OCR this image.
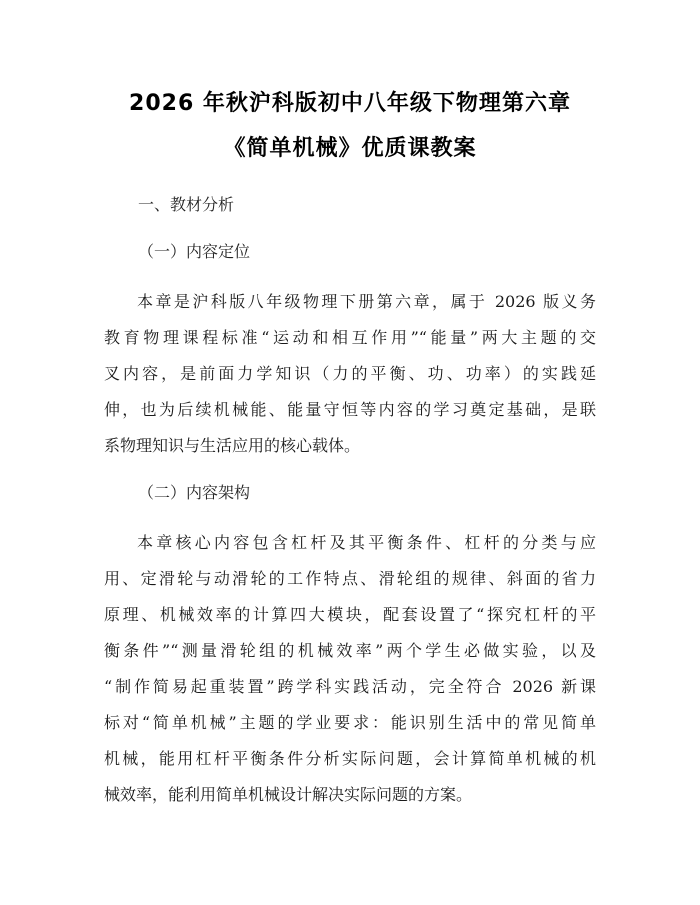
2026 年秋沪科版初中八年级下物理第六章
《简单机械》优质课教案
一、教材分析
（一）内容定位
本章是沪科版八年级物理下册第六章，属于 2026 版义务
教育物理课程标准“运动和相互作用”“能量”两大主题的交
叉内容，是前面力学知识（力的平衡、功、功率）的实践延
伸，也为后续机械能、能量守恒等内容的学习奠定基础，是联
系物理知识与生活应用的核心载体。
（二）内容架构
本章核心内容包含杠杆及其平衡条件、杠杆的分类与应
用、定滑轮与动滑轮的工作特点、滑轮组的规律、斜面的省力
原理、机械效率的计算四大模块，配套设置了“探究杠杆的平
衡条件”“测量滑轮组的机械效率”两个学生必做实验，以及
“制作简易起重装置”跨学科实践活动，完全符合 2026 新课
标对“简单机械”主题的学业要求：能识别生活中的常见简单
机械，能用杠杆平衡条件分析实际问题，会计算简单机械的机
械效率，能利用简单机械设计解决实际问题的方案。
